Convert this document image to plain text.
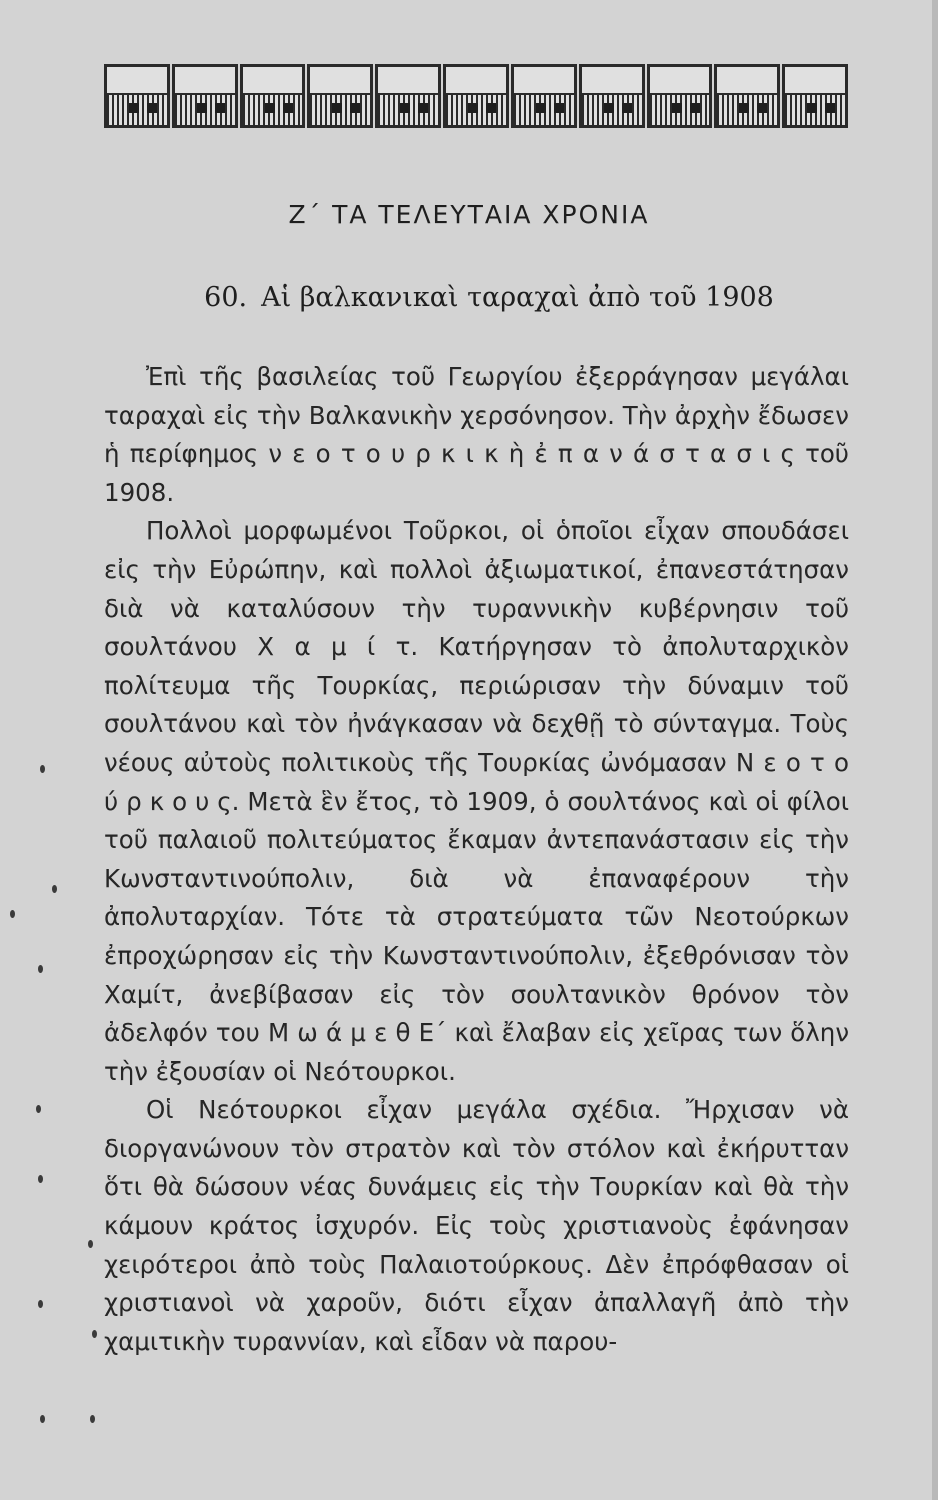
Ζ΄ ΤΑ ΤΕΛΕΥΤΑΙΑ ΧΡΟΝΙΑ
60. Αἱ βαλκανικαὶ ταραχαὶ ἀπὸ τοῦ 1908

Ἐπὶ τῆς βασιλείας τοῦ Γεωργίου ἐξερράγησαν μεγάλαι ταραχαὶ εἰς τὴν Βαλκανικὴν χερσόνησον. Τὴν ἀρχὴν ἔδωσεν ἡ περίφημος ν ε ο τ ο υ ρ κ ι κ ὴ ἐ π α ν ά σ τ α σ ι ς τοῦ 1908.

Πολλοὶ μορφωμένοι Τοῦρκοι, οἱ ὁποῖοι εἶχαν σπουδάσει εἰς τὴν Εὐρώπην, καὶ πολλοὶ ἀξιωματικοί, ἐπανεστάτησαν διὰ νὰ καταλύσουν τὴν τυραννικὴν κυβέρνησιν τοῦ σουλτάνου Χ α μ ί τ. Κατήργησαν τὸ ἀπολυταρχικὸν πολίτευμα τῆς Τουρκίας, περιώρισαν τὴν δύναμιν τοῦ σουλτάνου καὶ τὸν ἠνάγκασαν νὰ δεχθῇ τὸ σύνταγμα. Τοὺς νέους αὐτοὺς πολιτικοὺς τῆς Τουρκίας ὠνόμασαν Ν ε ο τ ο ύ ρ κ ο υ ς. Μετὰ ἓν ἔτος, τὸ 1909, ὁ σουλτάνος καὶ οἱ φίλοι τοῦ παλαιοῦ πολιτεύματος ἔκαμαν ἀντεπανάστασιν εἰς τὴν Κωνσταντινούπολιν, διὰ νὰ ἐπαναφέρουν τὴν ἀπολυταρχίαν. Τότε τὰ στρατεύματα τῶν Νεοτούρκων ἐπροχώρησαν εἰς τὴν Κωνσταντινούπολιν, ἐξεθρόνισαν τὸν Χαμίτ, ἀνεβίβασαν εἰς τὸν σουλτανικὸν θρόνον τὸν ἀδελφόν του Μ ω ά μ ε θ Ε΄ καὶ ἔλαβαν εἰς χεῖρας των ὅλην τὴν ἐξουσίαν οἱ Νεότουρκοι.

Οἱ Νεότουρκοι εἶχαν μεγάλα σχέδια. Ἤρχισαν νὰ διοργανώνουν τὸν στρατὸν καὶ τὸν στόλον καὶ ἐκήρυτταν ὅτι θὰ δώσουν νέας δυνάμεις εἰς τὴν Τουρκίαν καὶ θὰ τὴν κάμουν κράτος ἰσχυρόν. Εἰς τοὺς χριστιανοὺς ἐφάνησαν χειρότεροι ἀπὸ τοὺς Παλαιοτούρκους. Δὲν ἐπρόφθασαν οἱ χριστιανοὶ νὰ χαροῦν, διότι εἶχαν ἀπαλλαγῆ ἀπὸ τὴν χαμιτικὴν τυραννίαν, καὶ εἶδαν νὰ παρου-
